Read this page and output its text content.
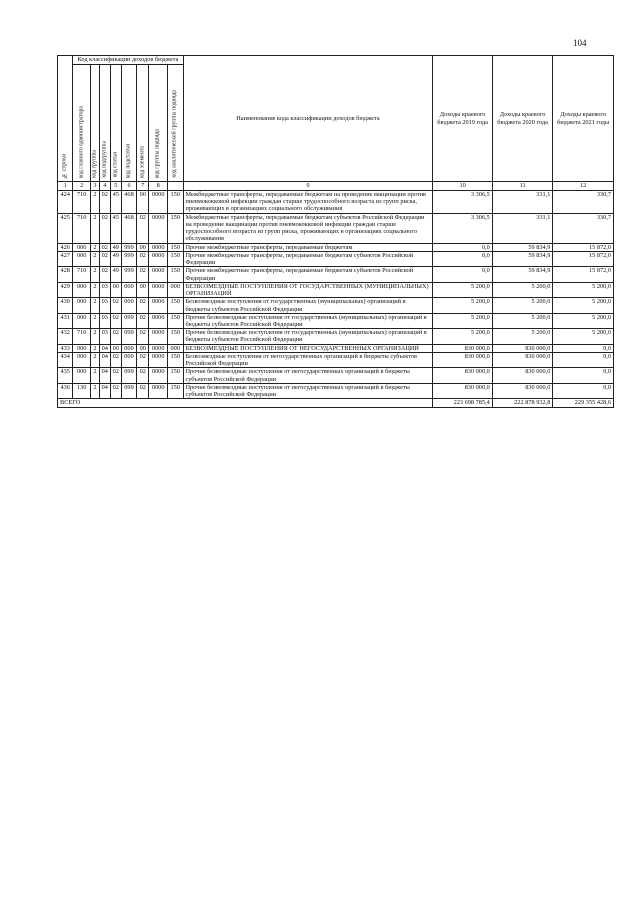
104
№ строки	Код классификации доходов бюджета								Наименование кода классификации доходов бюджета	Доходы краевого бюджета 2019 года	Доходы краевого бюджета 2020 года	Доходы краевого бюджета 2021 годы

	код главного администратора	код группы	код подгруппы	код статьи	код подстатьи	код элемента	код группы подвида	код аналитической группы подвида				

1	2	3	4	5	6	7	8		9	10	11	12
424	710	2	02	45	468	00	0000	150	Межбюджетные трансферты, передаваемые бюджетам на проведение вакцинации против пневмококковой инфекции граждан старше трудоспособного возраста из групп риска, проживающих в организациях социального обслуживания	3 306,5	331,1	330,7
425	710	2	02	45	468	02	0000	150	Межбюджетные трансферты, передаваемые бюджетам субъектов Российской Федерации на проведение вакцинации против пневмококковой инфекции граждан старше трудоспособного возраста из групп риска, проживающих в организациях социального обслуживания	3 306,5	331,1	330,7
426	000	2	02	49	999	00	0000	150	Прочие межбюджетные трансферты, передаваемые бюджетам	0,0	59 834,9	15 872,0
427	000	2	02	49	999	02	0000	150	Прочие межбюджетные трансферты, передаваемые бюджетам субъектов Российской Федерации	0,0	59 834,9	15 872,0
428	710	2	02	49	999	02	0000	150	Прочие межбюджетные трансферты, передаваемые бюджетам субъектов Российской Федерации	0,0	59 834,9	15 872,0
429	000	2	03	00	000	00	0000	000	БЕЗВОЗМЕЗДНЫЕ ПОСТУПЛЕНИЯ ОТ ГОСУДАРСТВЕННЫХ (МУНИЦИПАЛЬНЫХ) ОРГАНИЗАЦИЙ	5 200,0	5 200,0	5 200,0
430	000	2	03	02	000	02	0000	150	Безвозмездные поступления от государственных (муниципальных) организаций в бюджеты субъектов Российской Федерации	5 200,0	5 200,0	5 200,0
431	000	2	03	02	099	02	0000	150	Прочие безвозмездные поступления от государственных (муниципальных) организаций в бюджеты субъектов Российской Федерации	5 200,0	5 200,0	5 200,0
432	710	2	03	02	099	02	0000	150	Прочие безвозмездные поступления от государственных (муниципальных) организаций в бюджеты субъектов Российской Федерации	5 200,0	5 200,0	5 200,0
433	000	2	04	00	000	00	0000	000	БЕЗВОЗМЕЗДНЫЕ ПОСТУПЛЕНИЯ ОТ НЕГОСУДАРСТВЕННЫХ ОРГАНИЗАЦИЙ	830 000,0	830 000,0	0,0
434	000	2	04	02	000	02	0000	150	Безвозмездные поступления от негосударственных организаций в бюджеты субъектов Российской Федерации	830 000,0	830 000,0	0,0
435	000	2	04	02	099	02	0000	150	Прочие безвозмездные поступления от негосударственных организаций в бюджеты субъектов Российской Федерации	830 000,0	830 000,0	0,0
436	130	2	04	02	099	02	0000	150	Прочие безвозмездные поступления от негосударственных организаций в бюджеты субъектов Российской Федерации	830 000,0	830 000,0	0,0
ВСЕГО										223 698 785,4	222 878 932,8	229 355 428,6
